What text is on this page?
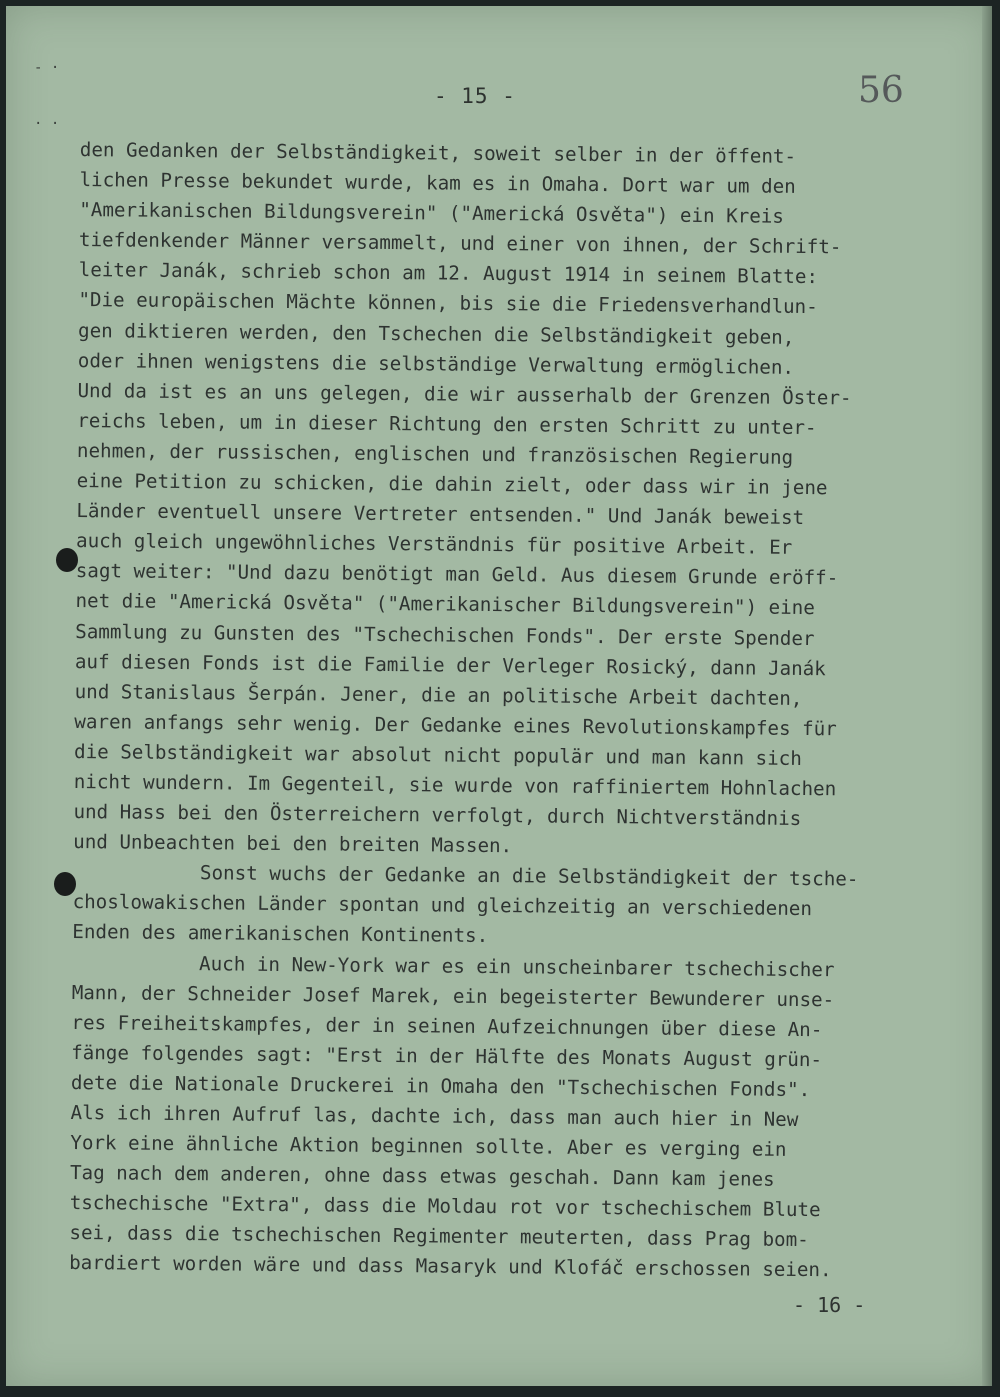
- ·
· ·
- 15 -	56
den Gedanken der Selbständigkeit, soweit selber in der öffent-
lichen Presse bekundet wurde, kam es in Omaha. Dort war um den
"Amerikanischen Bildungsverein" ("Americká Osvěta") ein Kreis
tiefdenkender Männer versammelt, und einer von ihnen, der Schrift-
leiter Janák, schrieb schon am 12. August 1914 in seinem Blatte:
"Die europäischen Mächte können, bis sie die Friedensverhandlun-
gen diktieren werden, den Tschechen die Selbständigkeit geben,
oder ihnen wenigstens die selbständige Verwaltung ermöglichen.
Und da ist es an uns gelegen, die wir ausserhalb der Grenzen Öster-
reichs leben, um in dieser Richtung den ersten Schritt zu unter-
nehmen, der russischen, englischen und französischen Regierung
eine Petition zu schicken, die dahin zielt, oder dass wir in jene
Länder eventuell unsere Vertreter entsenden." Und Janák beweist
auch gleich ungewöhnliches Verständnis für positive Arbeit. Er
sagt weiter: "Und dazu benötigt man Geld. Aus diesem Grunde eröff-
net die "Americká Osvěta" ("Amerikanischer Bildungsverein") eine
Sammlung zu Gunsten des "Tschechischen Fonds". Der erste Spender
auf diesen Fonds ist die Familie der Verleger Rosický, dann Janák
und Stanislaus Šerpán. Jener, die an politische Arbeit dachten,
waren anfangs sehr wenig. Der Gedanke eines Revolutionskampfes für
die Selbständigkeit war absolut nicht populär und man kann sich
nicht wundern. Im Gegenteil, sie wurde von raffiniertem Hohnlachen
und Hass bei den Österreichern verfolgt, durch Nichtverständnis
und Unbeachten bei den breiten Massen.
Sonst wuchs der Gedanke an die Selbständigkeit der tsche-
choslowakischen Länder spontan und gleichzeitig an verschiedenen
Enden des amerikanischen Kontinents.
Auch in New-York war es ein unscheinbarer tschechischer
Mann, der Schneider Josef Marek, ein begeisterter Bewunderer unse-
res Freiheitskampfes, der in seinen Aufzeichnungen über diese An-
fänge folgendes sagt: "Erst in der Hälfte des Monats August grün-
dete die Nationale Druckerei in Omaha den "Tschechischen Fonds".
Als ich ihren Aufruf las, dachte ich, dass man auch hier in New
York eine ähnliche Aktion beginnen sollte. Aber es verging ein
Tag nach dem anderen, ohne dass etwas geschah. Dann kam jenes
tschechische "Extra", dass die Moldau rot vor tschechischem Blute
sei, dass die tschechischen Regimenter meuterten, dass Prag bom-
bardiert worden wäre und dass Masaryk und Klofáč erschossen seien.
- 16 -
